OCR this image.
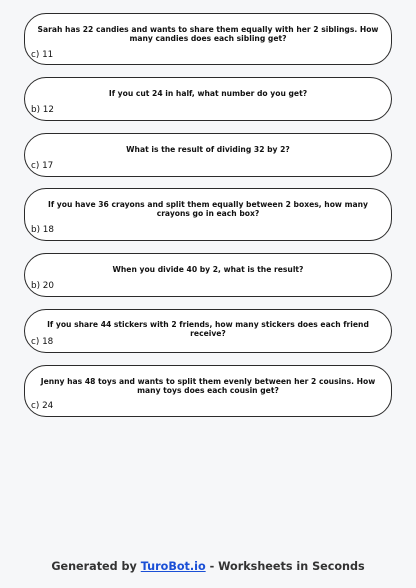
Sarah has 22 candies and wants to share them equally with her 2 siblings. How many candies does each sibling get?
c) 11
If you cut 24 in half, what number do you get?
b) 12
What is the result of dividing 32 by 2?
c) 17
If you have 36 crayons and split them equally between 2 boxes, how many crayons go in each box?
b) 18
When you divide 40 by 2, what is the result?
b) 20
If you share 44 stickers with 2 friends, how many stickers does each friend receive?
c) 18
Jenny has 48 toys and wants to split them evenly between her 2 cousins. How many toys does each cousin get?
c) 24
Generated by TuroBot.io - Worksheets in Seconds
